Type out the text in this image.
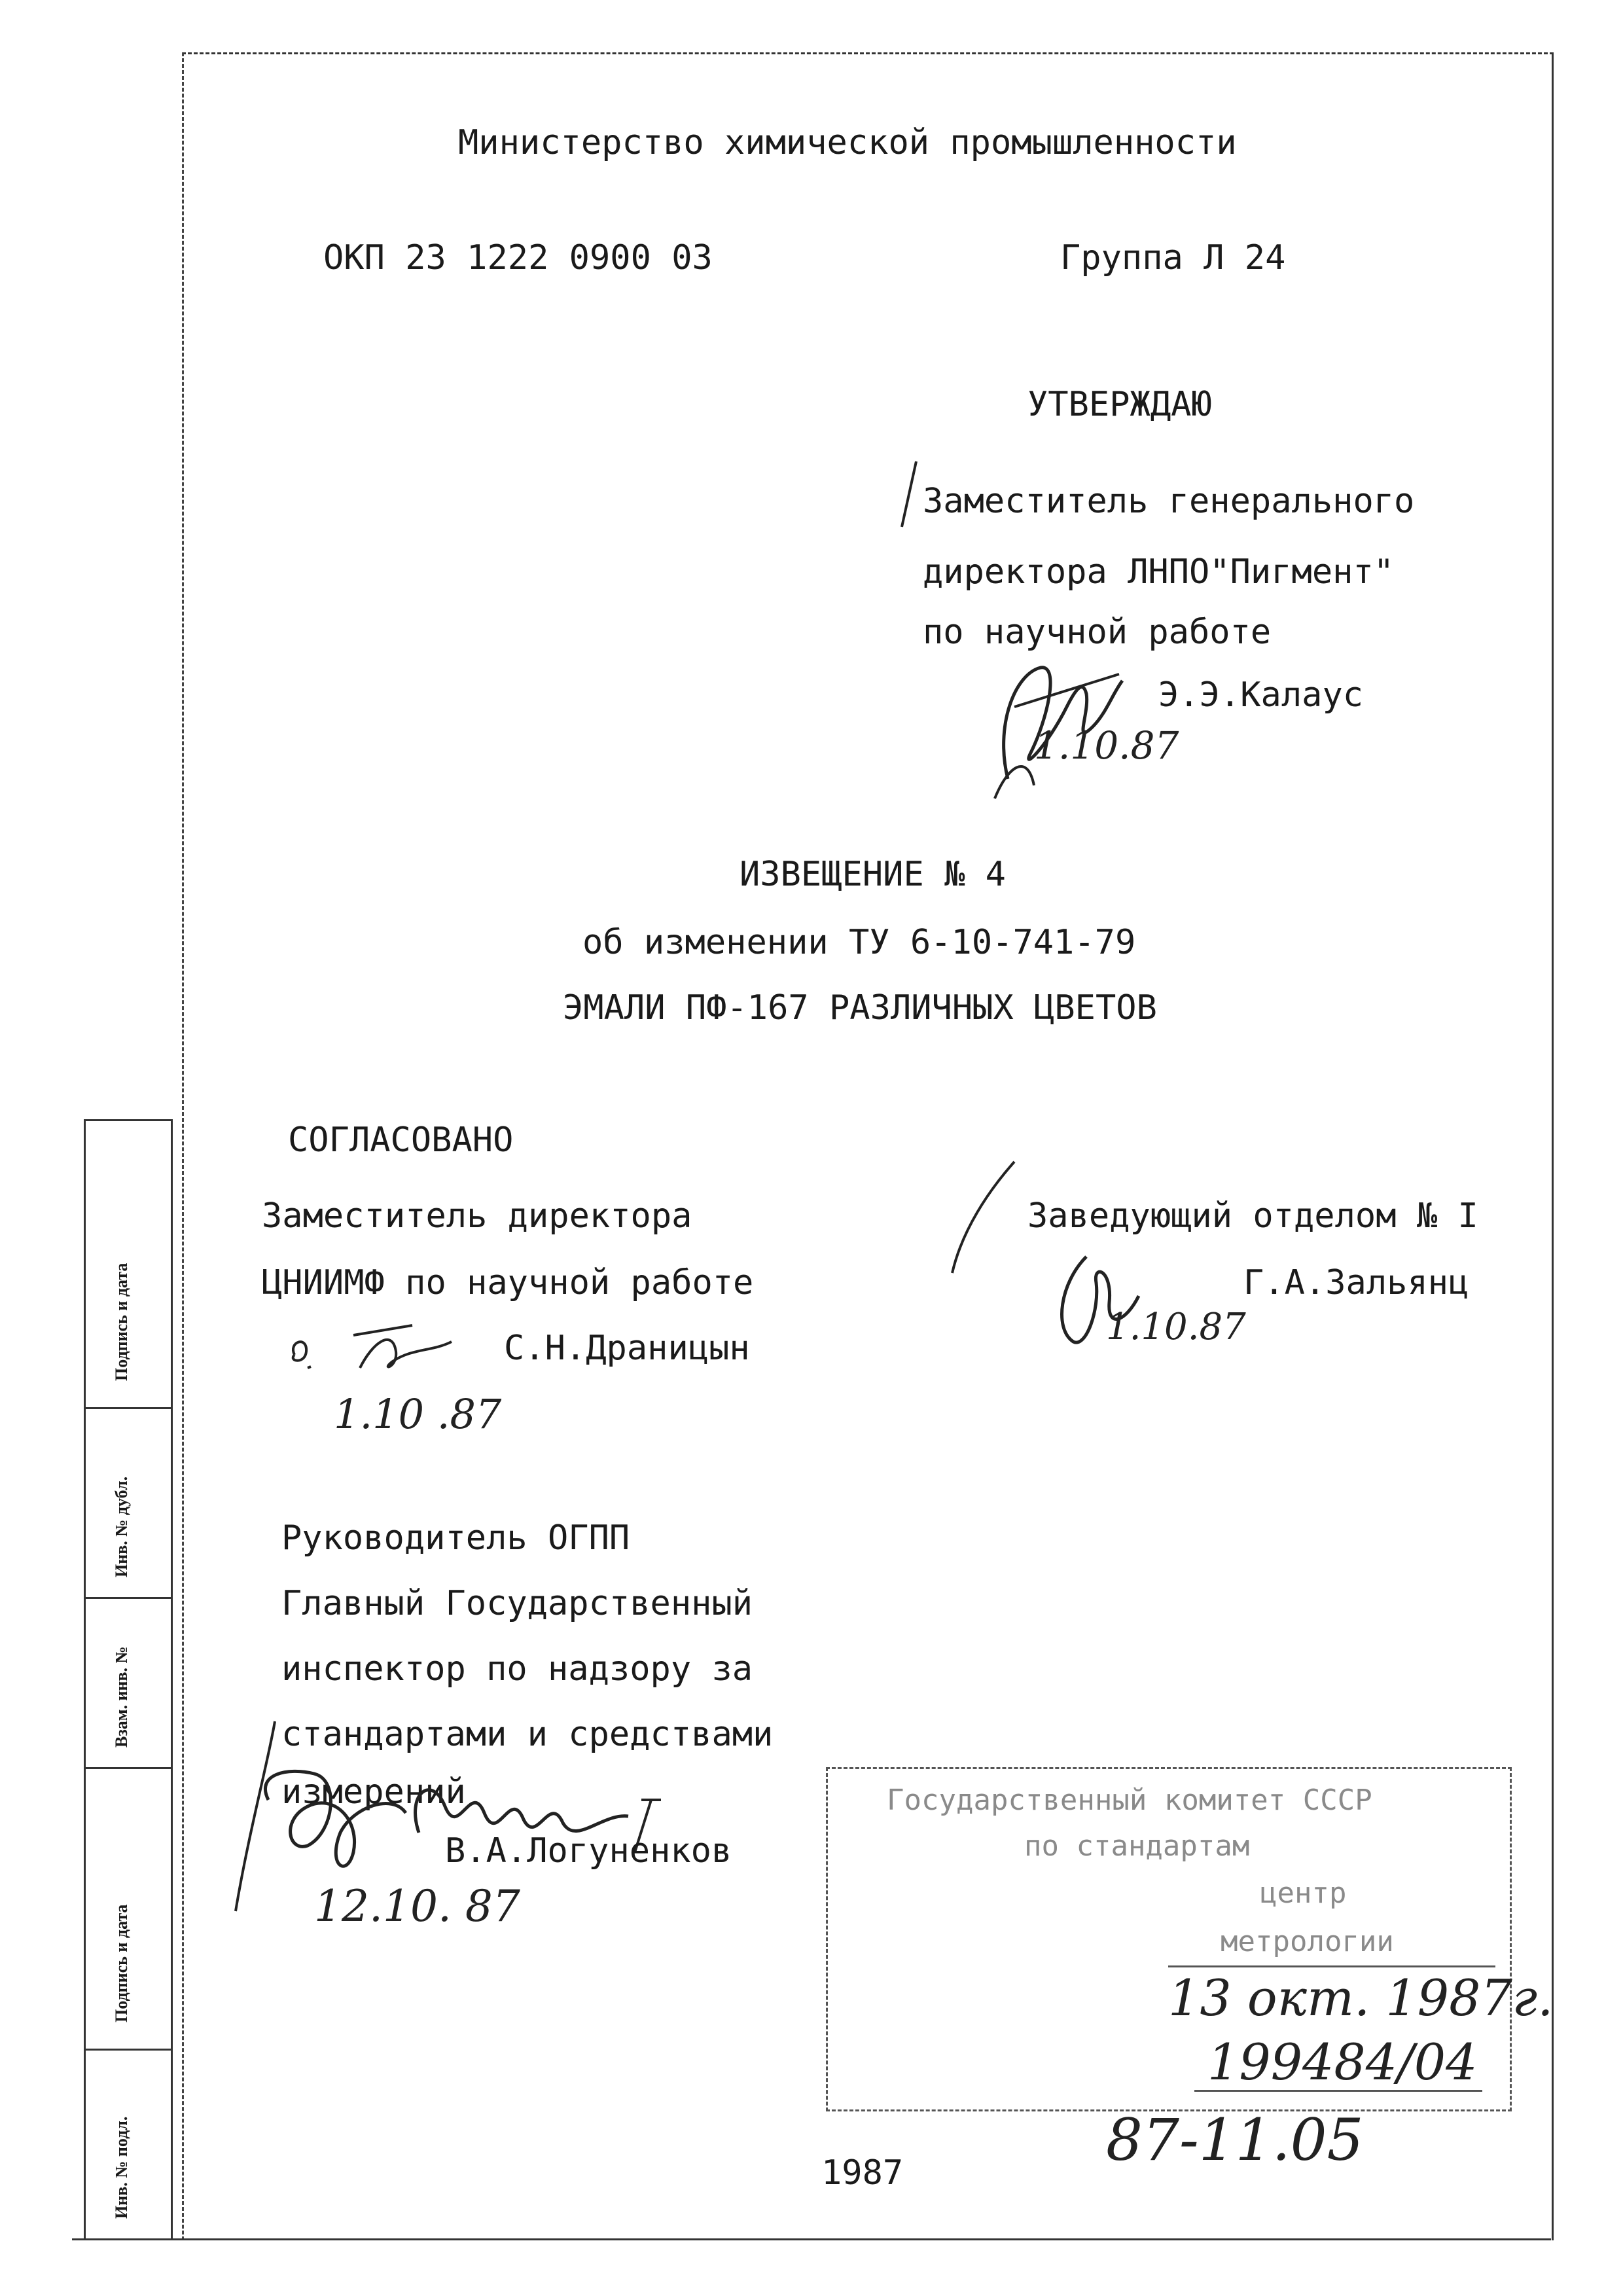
Подпись и дата
Инв. № дубл.
Взам. инв. №
Подпись и дата
Инв. № подл.
Министерство химической промышленности
ОКП 23 1222 0900 03	Группа Л 24
УТВЕРЖДАЮ
Заместитель генерального
директора ЛНПО"Пигмент"
по научной работе
Э.Э.Калаус
1.10.87
ИЗВЕЩЕНИЕ № 4
об изменении ТУ 6-10-741-79
ЭМАЛИ ПФ-167 РАЗЛИЧНЫХ ЦВЕТОВ
СОГЛАСОВАНО
Заместитель директора
ЦНИИМФ по научной работе
С.Н.Драницын
1.10 .87
Заведующий отделом № I
Г.А.Зальянц
1.10.87
Руководитель ОГПП
Главный Государственный
инспектор по надзору за
стандартами и средствами
измерений
В.А.Логуненков
12.10. 87
Государственный комитет СССР
по стандартам
центр
метрологии
13 окт. 1987г.
199484/04
1987	87-11.05
